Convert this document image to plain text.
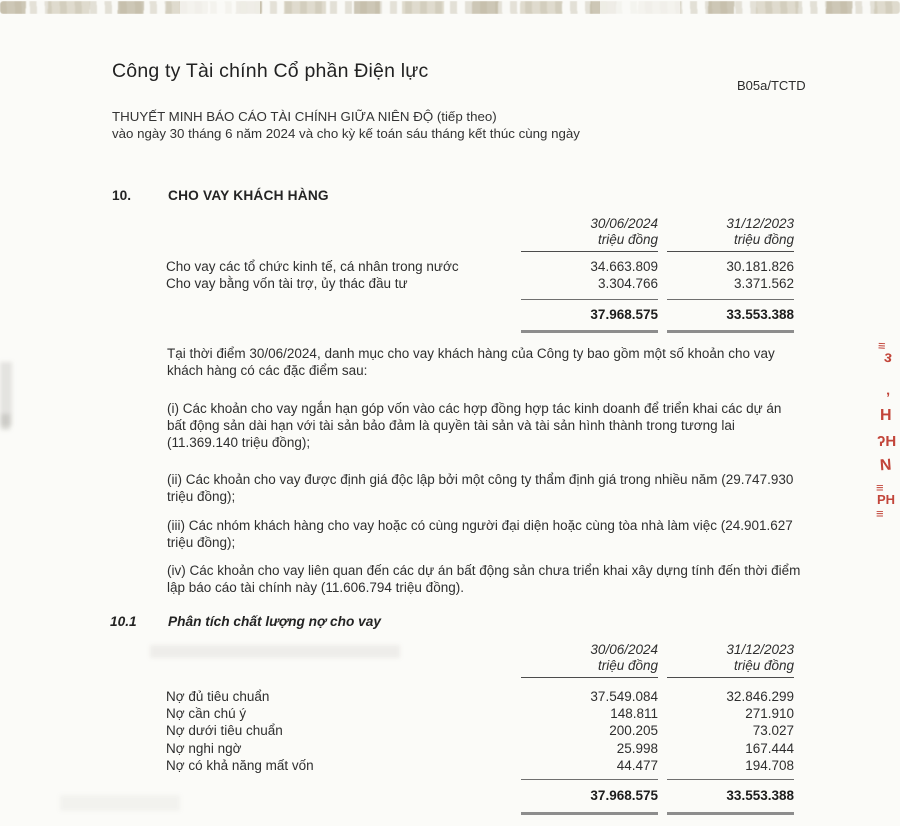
Công ty Tài chính Cổ phần Điện lực
B05a/TCTD
THUYẾT MINH BÁO CÁO TÀI CHÍNH GIỮA NIÊN ĐỘ (tiếp theo)
vào ngày 30 tháng 6 năm 2024 và cho kỳ kế toán sáu tháng kết thúc cùng ngày
10.	CHO VAY KHÁCH HÀNG
30/06/2024
triệu đồng
31/12/2023
triệu đồng
Cho vay các tổ chức kinh tế, cá nhân trong nước	34.663.809	30.181.826
Cho vay bằng vốn tài trợ, ủy thác đầu tư	3.304.766	3.371.562
37.968.575	33.553.388
Tại thời điểm 30/06/2024, danh mục cho vay khách hàng của Công ty bao gồm một số khoản cho vay khách hàng có các đặc điểm sau:
(i) Các khoản cho vay ngắn hạn góp vốn vào các hợp đồng hợp tác kinh doanh để triển khai các dự án bất động sản dài hạn với tài sản bảo đảm là quyền tài sản và tài sản hình thành trong tương lai (11.369.140 triệu đồng);
(ii) Các khoản cho vay được định giá độc lập bởi một công ty thẩm định giá trong nhiều năm (29.747.930 triệu đồng);
(iii) Các nhóm khách hàng cho vay hoặc có cùng người đại diện hoặc cùng tòa nhà làm việc (24.901.627 triệu đồng);
(iv) Các khoản cho vay liên quan đến các dự án bất động sản chưa triển khai xây dựng tính đến thời điểm lập báo cáo tài chính này (11.606.794 triệu đồng).
10.1 Phân tích chất lượng nợ cho vay
30/06/2024
triệu đồng
31/12/2023
triệu đồng
Nợ đủ tiêu chuẩn	37.549.084	32.846.299
Nợ cần chú ý	148.811	271.910
Nợ dưới tiêu chuẩn	200.205	73.027
Nợ nghi ngờ	25.998	167.444
Nợ có khả năng mất vốn	44.477	194.708
37.968.575	33.553.388
≡
ɜ
ʼ
H
ʔH
N
≡
PH
≡
